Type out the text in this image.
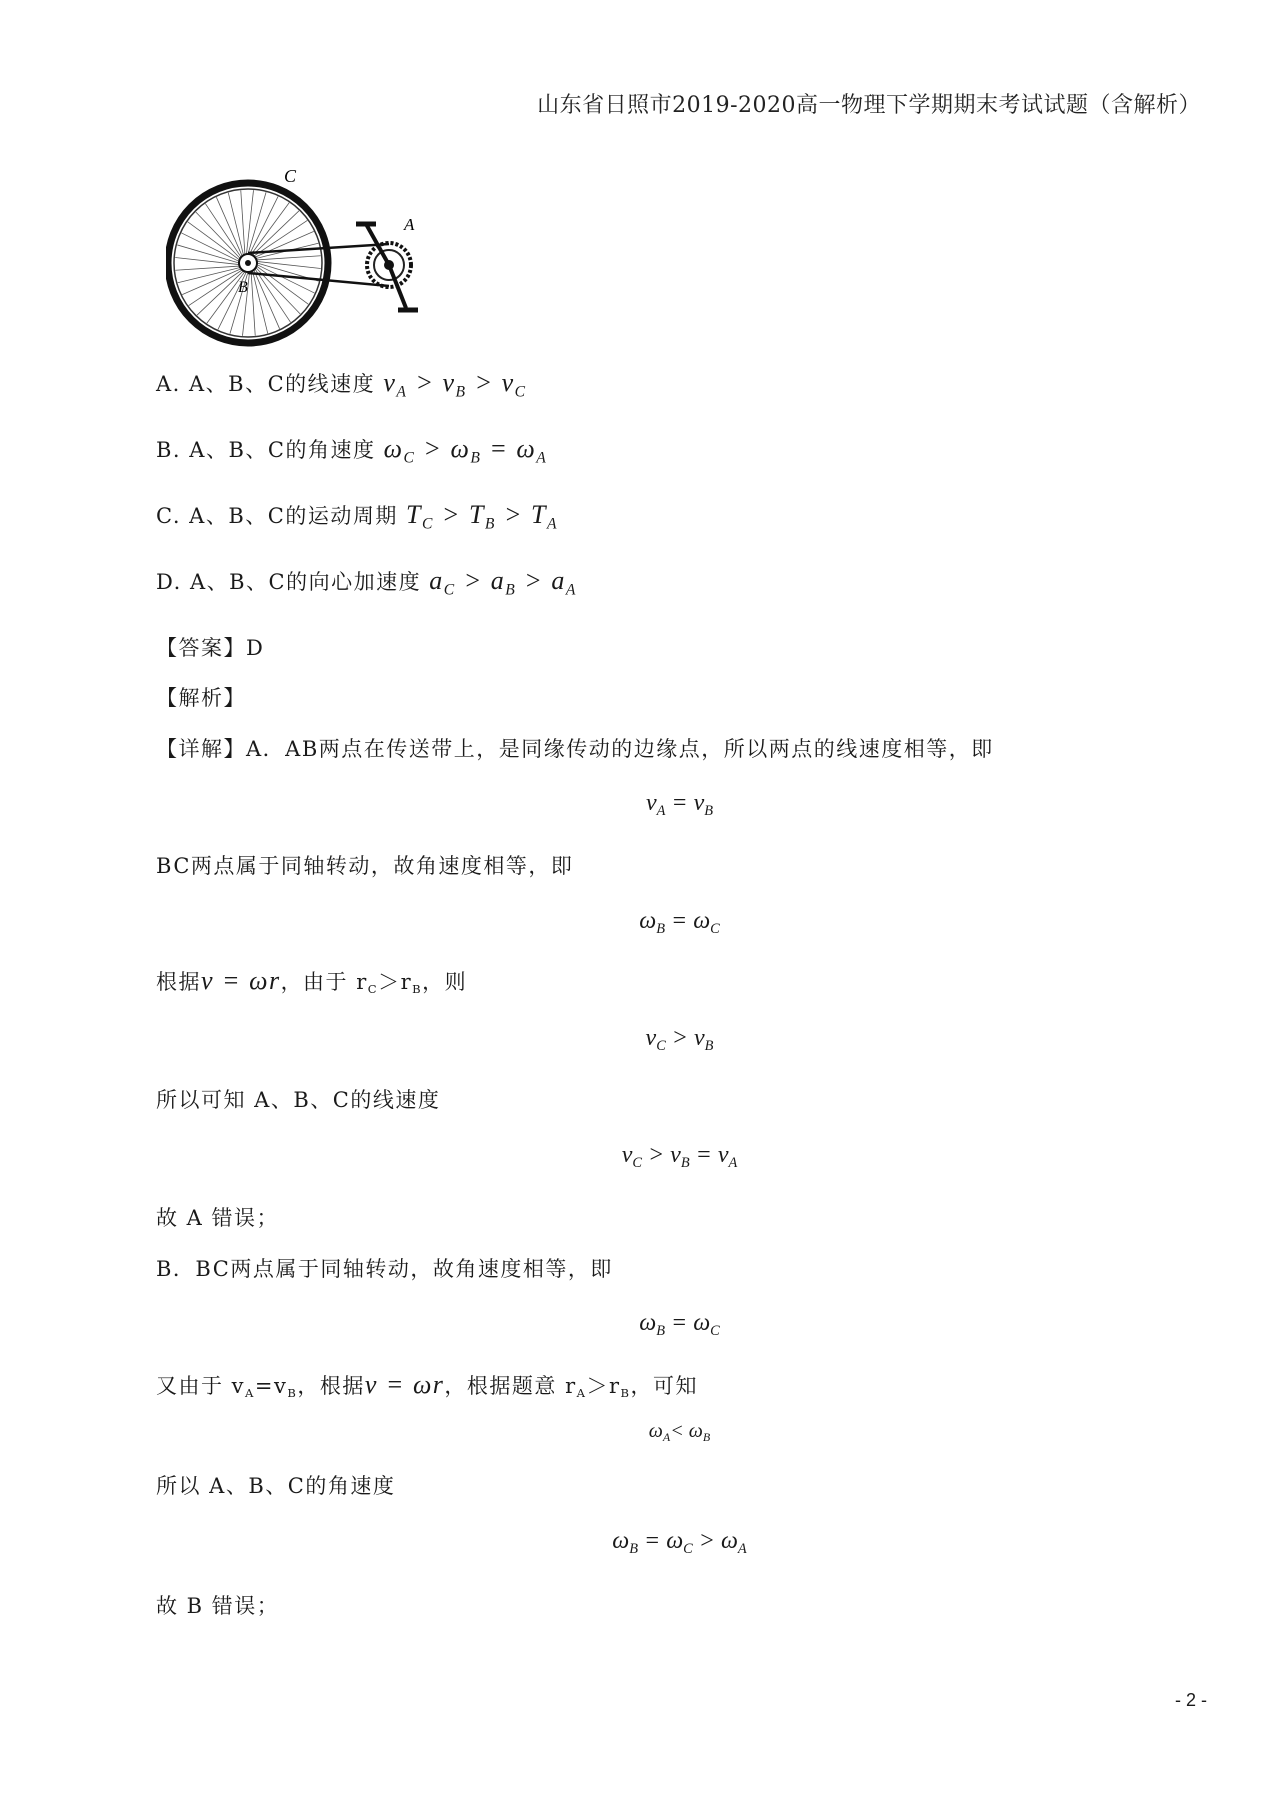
山东省日照市2019-2020高一物理下学期期末考试试题（含解析）
C
A
B
A. A、B、C的线速度 $v_A > v_B > v_C$
B. A、B、C的角速度 $\omega_C > \omega_B = \omega_A$
C. A、B、C的运动周期 $T_C > T_B > T_A$
D. A、B、C的向心加速度 $a_C > a_B > a_A$
【答案】D
【解析】
【详解】A．AB两点在传送带上，是同缘传动的边缘点，所以两点的线速度相等，即
$v_A = v_B$
BC两点属于同轴转动，故角速度相等，即
$\omega_B = \omega_C$
根据v = ωr，由于 $r_C>r_B$，则
$v_C > v_B$
所以可知 A、B、C的线速度
$v_C > v_B = v_A$
故 A 错误；
B．BC两点属于同轴转动，故角速度相等，即
$\omega_B = \omega_C$
又由于 $v_A=v_B$，根据v = ωr，根据题意 $r_A>r_B$，可知
$\omega_A< \omega_B$
所以 A、B、C的角速度
$\omega_B = \omega_C > \omega_A$
故 B 错误；
- 2 -
